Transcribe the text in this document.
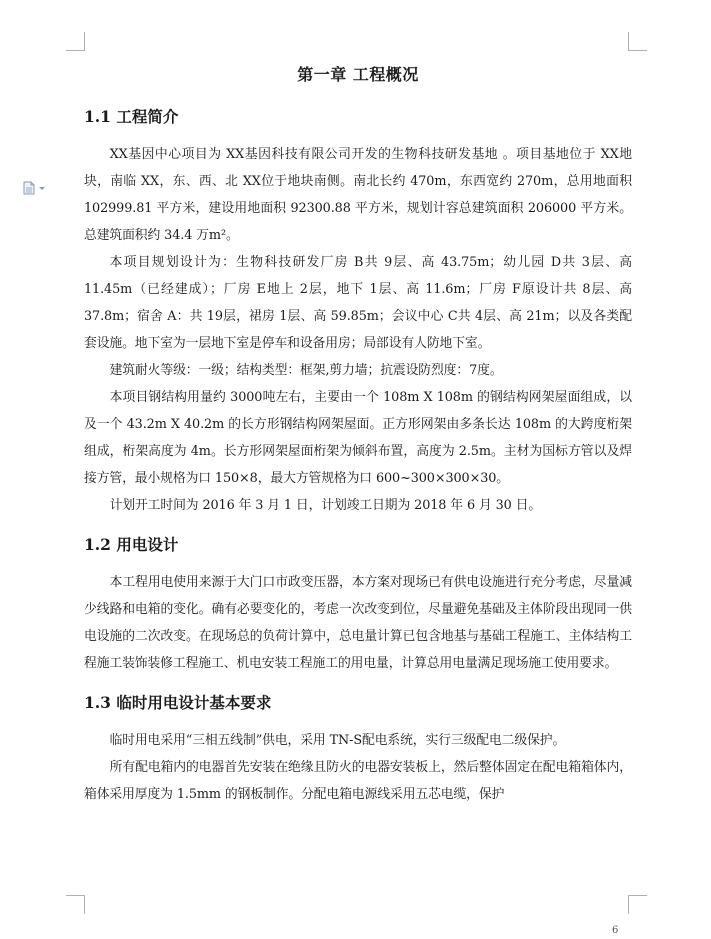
第一章 工程概况
1.1 工程简介

XX基因中心项目为 XX基因科技有限公司开发的生物科技研发基地 。项目基地位于 XX地块，南临 XX，东、西、北 XX位于地块南侧。南北长约 470m，东西宽约 270m，总用地面积 102999.81 平方米，建设用地面积 92300.88 平方米，规划计容总建筑面积 206000 平方米。总建筑面积约 34.4 万m²。

本项目规划设计为：生物科技研发厂房 B共 9层、高 43.75m；幼儿园 D共 3层、高 11.45m（已经建成）；厂房 E地上 2层，地下 1层、高 11.6m；厂房 F原设计共 8层、高 37.8m；宿舍 A：共 19层，裙房 1层、高 59.85m；会议中心 C共 4层、高 21m；以及各类配套设施。地下室为一层地下室是停车和设备用房；局部设有人防地下室。

建筑耐火等级：一级；结构类型：框架,剪力墙；抗震设防烈度：7度。

本项目钢结构用量约 3000吨左右，主要由一个 108m X 108m 的钢结构网架屋面组成，以及一个 43.2m X 40.2m 的长方形钢结构网架屋面。正方形网架由多条长达 108m 的大跨度桁架组成，桁架高度为 4m。长方形网架屋面桁架为倾斜布置，高度为 2.5m。主材为国标方管以及焊接方管，最小规格为口 150×8，最大方管规格为口 600~300×300×30。

计划开工时间为 2016 年 3 月 1 日，计划竣工日期为 2018 年 6 月 30 日。

1.2 用电设计

本工程用电使用来源于大门口市政变压器，本方案对现场已有供电设施进行充分考虑，尽量减少线路和电箱的变化。确有必要变化的，考虑一次改变到位，尽量避免基础及主体阶段出现同一供电设施的二次改变。在现场总的负荷计算中，总电量计算已包含地基与基础工程施工、主体结构工程施工装饰装修工程施工、机电安装工程施工的用电量，计算总用电量满足现场施工使用要求。

1.3 临时用电设计基本要求

临时用电采用“三相五线制”供电，采用 TN-S配电系统，实行三级配电二级保护。

所有配电箱内的电器首先安装在绝缘且防火的电器安装板上，然后整体固定在配电箱箱体内，箱体采用厚度为 1.5mm 的钢板制作。分配电箱电源线采用五芯电缆，保护

6
